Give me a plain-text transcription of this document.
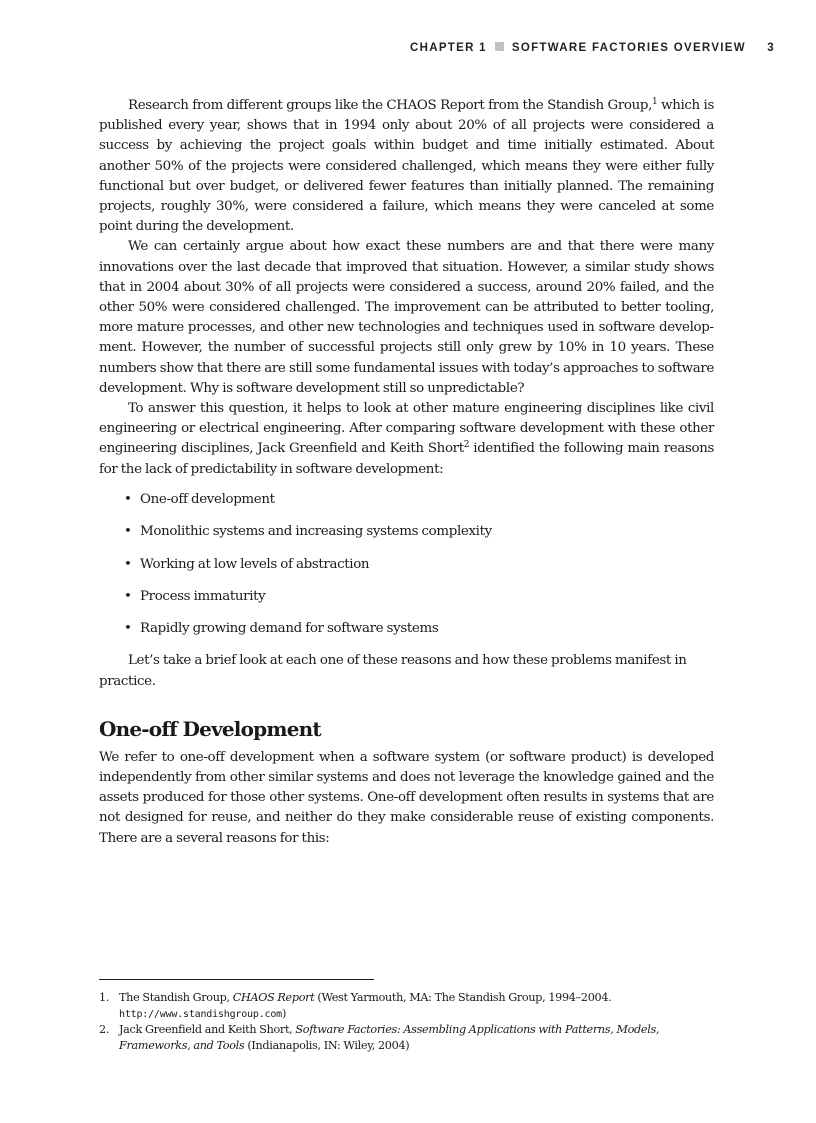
CHAPTER 1 SOFTWARE FACTORIES OVERVIEW 3

Research from different groups like the CHAOS Report from the Standish Group,$^1$ which is published every year, shows that in 1994 only about 20% of all projects were considered a success by achieving the project goals within budget and time initially estimated. About another 50% of the projects were considered challenged, which means they were either fully functional but over budget, or delivered fewer features than initially planned. The remaining projects, roughly 30%, were considered a failure, which means they were canceled at some point during the development.

We can certainly argue about how exact these numbers are and that there were many innovations over the last decade that improved that situation. However, a similar study shows that in 2004 about 30% of all projects were considered a success, around 20% failed, and the other 50% were considered challenged. The improvement can be attributed to better tooling, more mature processes, and other new technologies and techniques used in software development. However, the number of successful projects still only grew by 10% in 10 years. These numbers show that there are still some fundamental issues with today’s approaches to software development. Why is software development still so unpredictable?

To answer this question, it helps to look at other mature engineering disciplines like civil engineering or electrical engineering. After comparing software development with these other engineering disciplines, Jack Greenfield and Keith Short$^2$ identified the following main reasons for the lack of predictability in software development:

• One-off development
• Monolithic systems and increasing systems complexity
• Working at low levels of abstraction
• Process immaturity
• Rapidly growing demand for software systems

Let’s take a brief look at each one of these reasons and how these problems manifest in practice.

One-off Development

We refer to one-off development when a software system (or software product) is developed independently from other similar systems and does not leverage the knowledge gained and the assets produced for those other systems. One-off development often results in systems that are not designed for reuse, and neither do they make considerable reuse of existing components. There are a several reasons for this:

1. The Standish Group, CHAOS Report (West Yarmouth, MA: The Standish Group, 1994–2004.
http://www.standishgroup.com)
2. Jack Greenfield and Keith Short, Software Factories: Assembling Applications with Patterns, Models, Frameworks, and Tools (Indianapolis, IN: Wiley, 2004)
